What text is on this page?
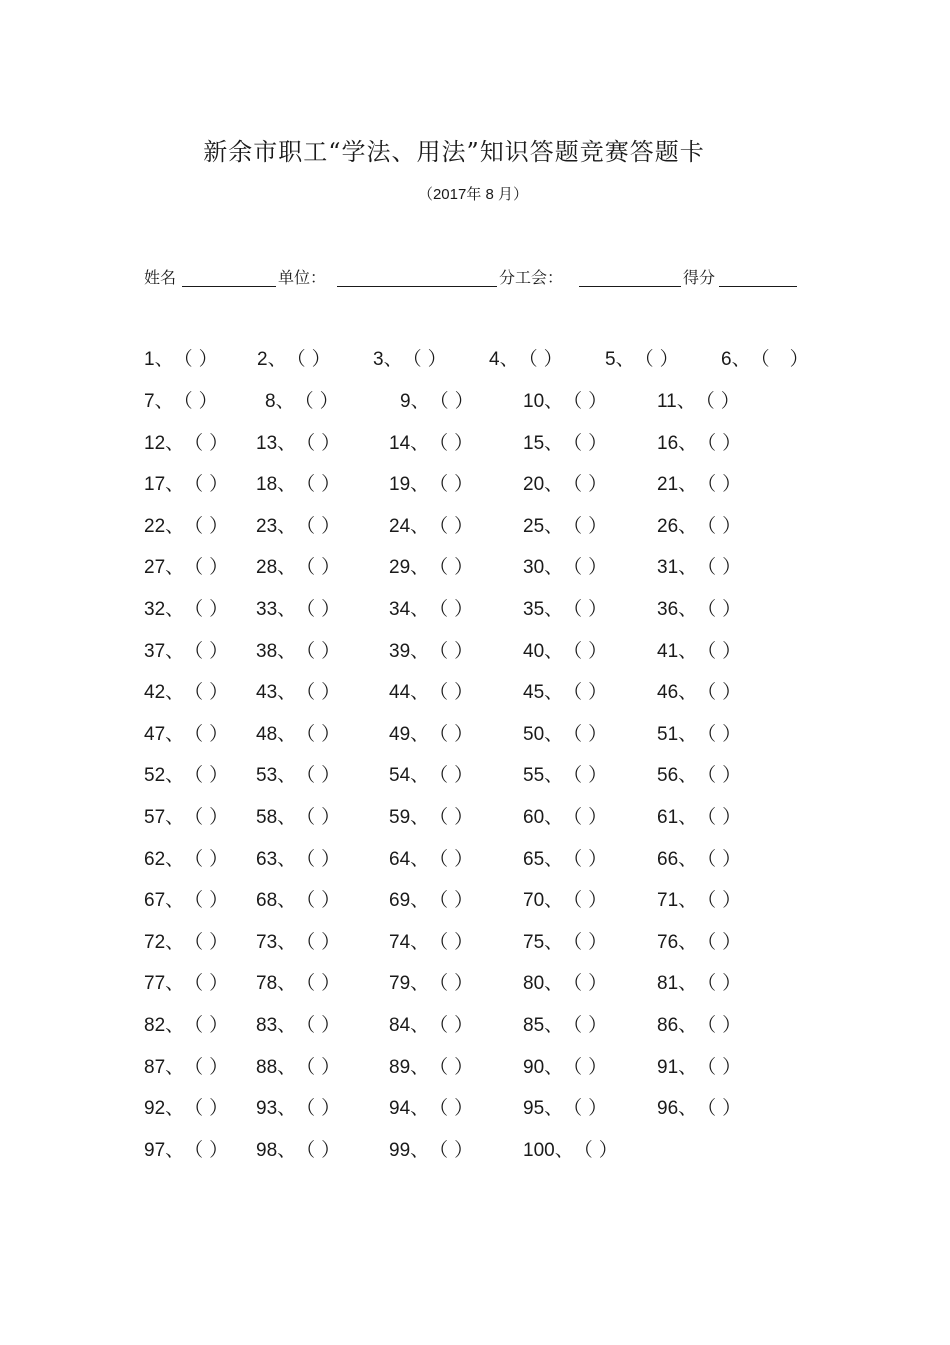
新余市职工“学法、用法”知识答题竞赛答题卡
（2017年 8 月）
姓名	单位：	分工会：	得分
1、（ ） 2、（ ） 3、（ ） 4、（ ） 5、（ ） 6、（ ）
7、（ ） 8、（ ）	9、（ ）	10、（ ）	11、（ ）
12、（ ） 13、（ ）	14、（ ）	15、（ ）	16、（ ）
17、（ ） 18、（ ）	19、（ ）	20、（ ）	21、（ ）
22、（ ） 23、（ ）	24、（ ）	25、（ ）	26、（ ）
27、（ ） 28、（ ）	29、（ ）	30、（ ）	31、（ ）
32、（ ） 33、（ ）	34、（ ）	35、（ ）	36、（ ）
37、（ ） 38、（ ）	39、（ ）	40、（ ）	41、（ ）
42、（ ） 43、（ ）	44、（ ）	45、（ ）	46、（ ）
47、（ ） 48、（ ）	49、（ ）	50、（ ）	51、（ ）
52、（ ） 53、（ ）	54、（ ）	55、（ ）	56、（ ）
57、（ ） 58、（ ）	59、（ ）	60、（ ）	61、（ ）
62、（ ） 63、（ ）	64、（ ）	65、（ ）	66、（ ）
67、（ ） 68、（ ）	69、（ ）	70、（ ）	71、（ ）
72、（ ） 73、（ ）	74、（ ）	75、（ ）	76、（ ）
77、（ ） 78、（ ）	79、（ ）	80、（ ）	81、（ ）
82、（ ） 83、（ ）	84、（ ）	85、（ ）	86、（ ）
87、（ ） 88、（ ）	89、（ ）	90、（ ）	91、（ ）
92、（ ） 93、（ ）	94、（ ）	95、（ ）	96、（ ）
97、（ ） 98、（ ）	99、（ ）	100、（ ）
